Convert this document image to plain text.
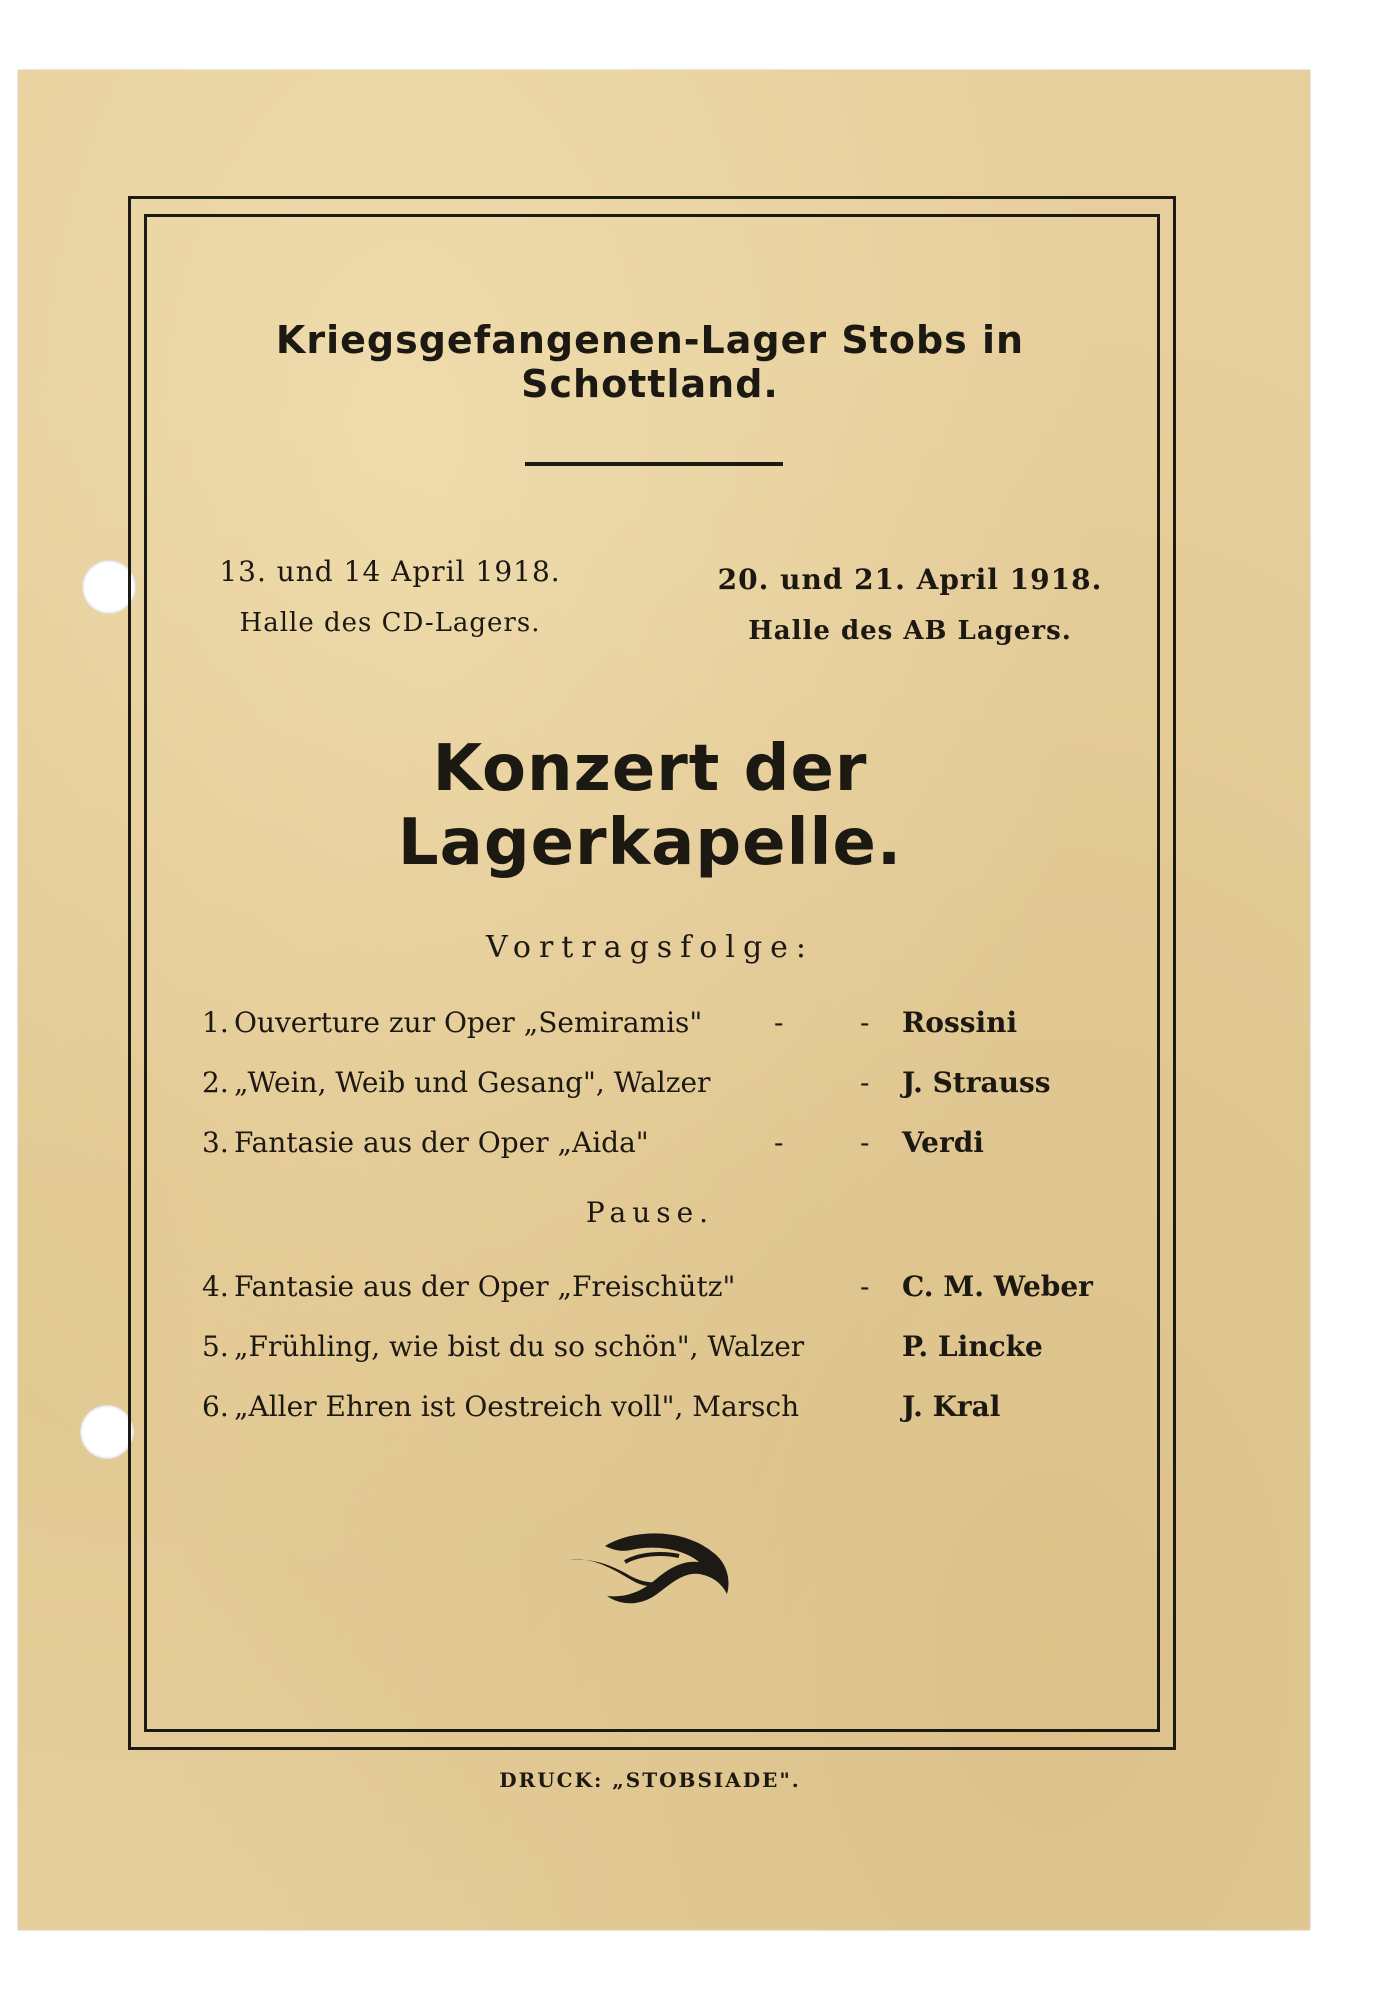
Kriegsgefangenen-Lager Stobs in Schottland.
13. und 14 April 1918.
Halle des CD-Lagers.
20. und 21. April 1918.
Halle des AB Lagers.
Konzert der Lagerkapelle.
Vortragsfolge:
1. Ouverture zur Oper „Semiramis"	-	- Rossini
2. „Wein, Weib und Gesang", Walzer	- J. Strauss
3. Fantasie aus der Oper „Aida"	-	- Verdi
Pause.
4. Fantasie aus der Oper „Freischütz"	- C. M. Weber
5. „Frühling, wie bist du so schön", Walzer	P. Lincke
6. „Aller Ehren ist Oestreich voll", Marsch	J. Kral
DRUCK: „STOBSIADE".
